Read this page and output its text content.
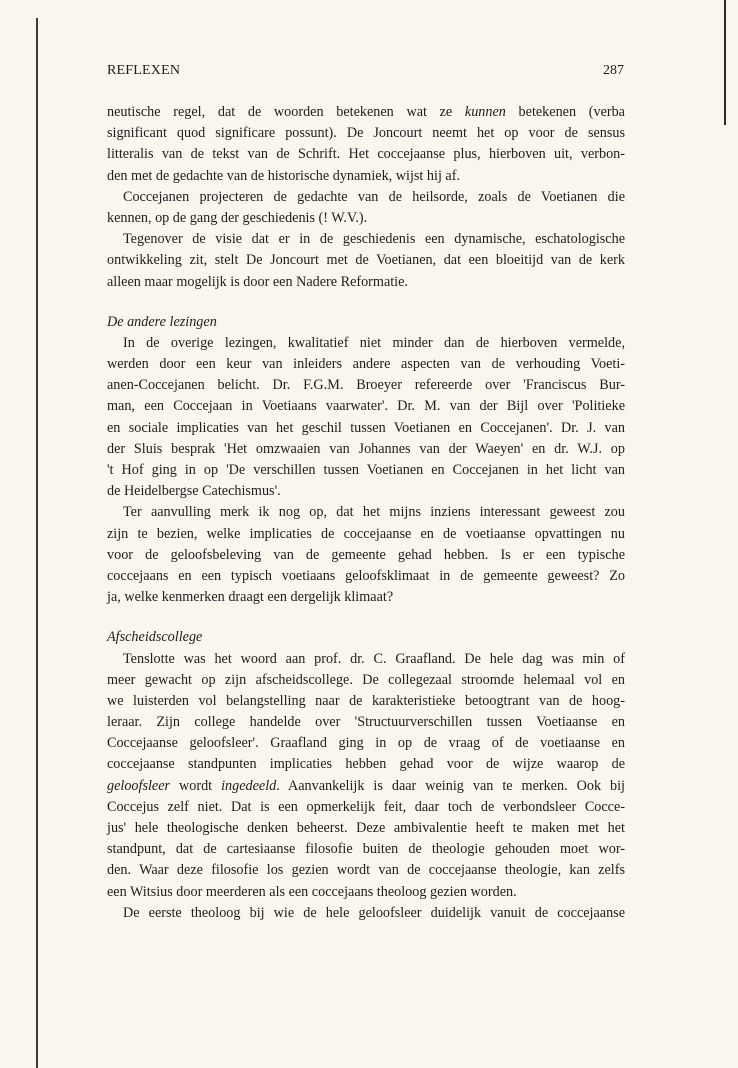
REFLEXEN	287
neutische regel, dat de woorden betekenen wat ze kunnen betekenen (verba
significant quod significare possunt). De Joncourt neemt het op voor de sensus
litteralis van de tekst van de Schrift. Het coccejaanse plus, hierboven uit, verbon-
den met de gedachte van de historische dynamiek, wijst hij af.
Coccejanen projecteren de gedachte van de heilsorde, zoals de Voetianen die
kennen, op de gang der geschiedenis (! W.V.).
Tegenover de visie dat er in de geschiedenis een dynamische, eschatologische
ontwikkeling zit, stelt De Joncourt met de Voetianen, dat een bloeitijd van de kerk
alleen maar mogelijk is door een Nadere Reformatie.
De andere lezingen
In de overige lezingen, kwalitatief niet minder dan de hierboven vermelde,
werden door een keur van inleiders andere aspecten van de verhouding Voeti-
anen-Coccejanen belicht. Dr. F.G.M. Broeyer refereerde over 'Franciscus Bur-
man, een Coccejaan in Voetiaans vaarwater'. Dr. M. van der Bijl over 'Politieke
en sociale implicaties van het geschil tussen Voetianen en Coccejanen'. Dr. J. van
der Sluis besprak 'Het omzwaaien van Johannes van der Waeyen' en dr. W.J. op
't Hof ging in op 'De verschillen tussen Voetianen en Coccejanen in het licht van
de Heidelbergse Catechismus'.
Ter aanvulling merk ik nog op, dat het mijns inziens interessant geweest zou
zijn te bezien, welke implicaties de coccejaanse en de voetiaanse opvattingen nu
voor de geloofsbeleving van de gemeente gehad hebben. Is er een typische
coccejaans en een typisch voetiaans geloofsklimaat in de gemeente geweest? Zo
ja, welke kenmerken draagt een dergelijk klimaat?
Afscheidscollege
Tenslotte was het woord aan prof. dr. C. Graafland. De hele dag was min of
meer gewacht op zijn afscheidscollege. De collegezaal stroomde helemaal vol en
we luisterden vol belangstelling naar de karakteristieke betoogtrant van de hoog-
leraar. Zijn college handelde over 'Structuurverschillen tussen Voetiaanse en
Coccejaanse geloofsleer'. Graafland ging in op de vraag of de voetiaanse en
coccejaanse standpunten implicaties hebben gehad voor de wijze waarop de
geloofsleer wordt ingedeeld. Aanvankelijk is daar weinig van te merken. Ook bij
Coccejus zelf niet. Dat is een opmerkelijk feit, daar toch de verbondsleer Cocce-
jus' hele theologische denken beheerst. Deze ambivalentie heeft te maken met het
standpunt, dat de cartesiaanse filosofie buiten de theologie gehouden moet wor-
den. Waar deze filosofie los gezien wordt van de coccejaanse theologie, kan zelfs
een Witsius door meerderen als een coccejaans theoloog gezien worden.
De eerste theoloog bij wie de hele geloofsleer duidelijk vanuit de coccejaanse
